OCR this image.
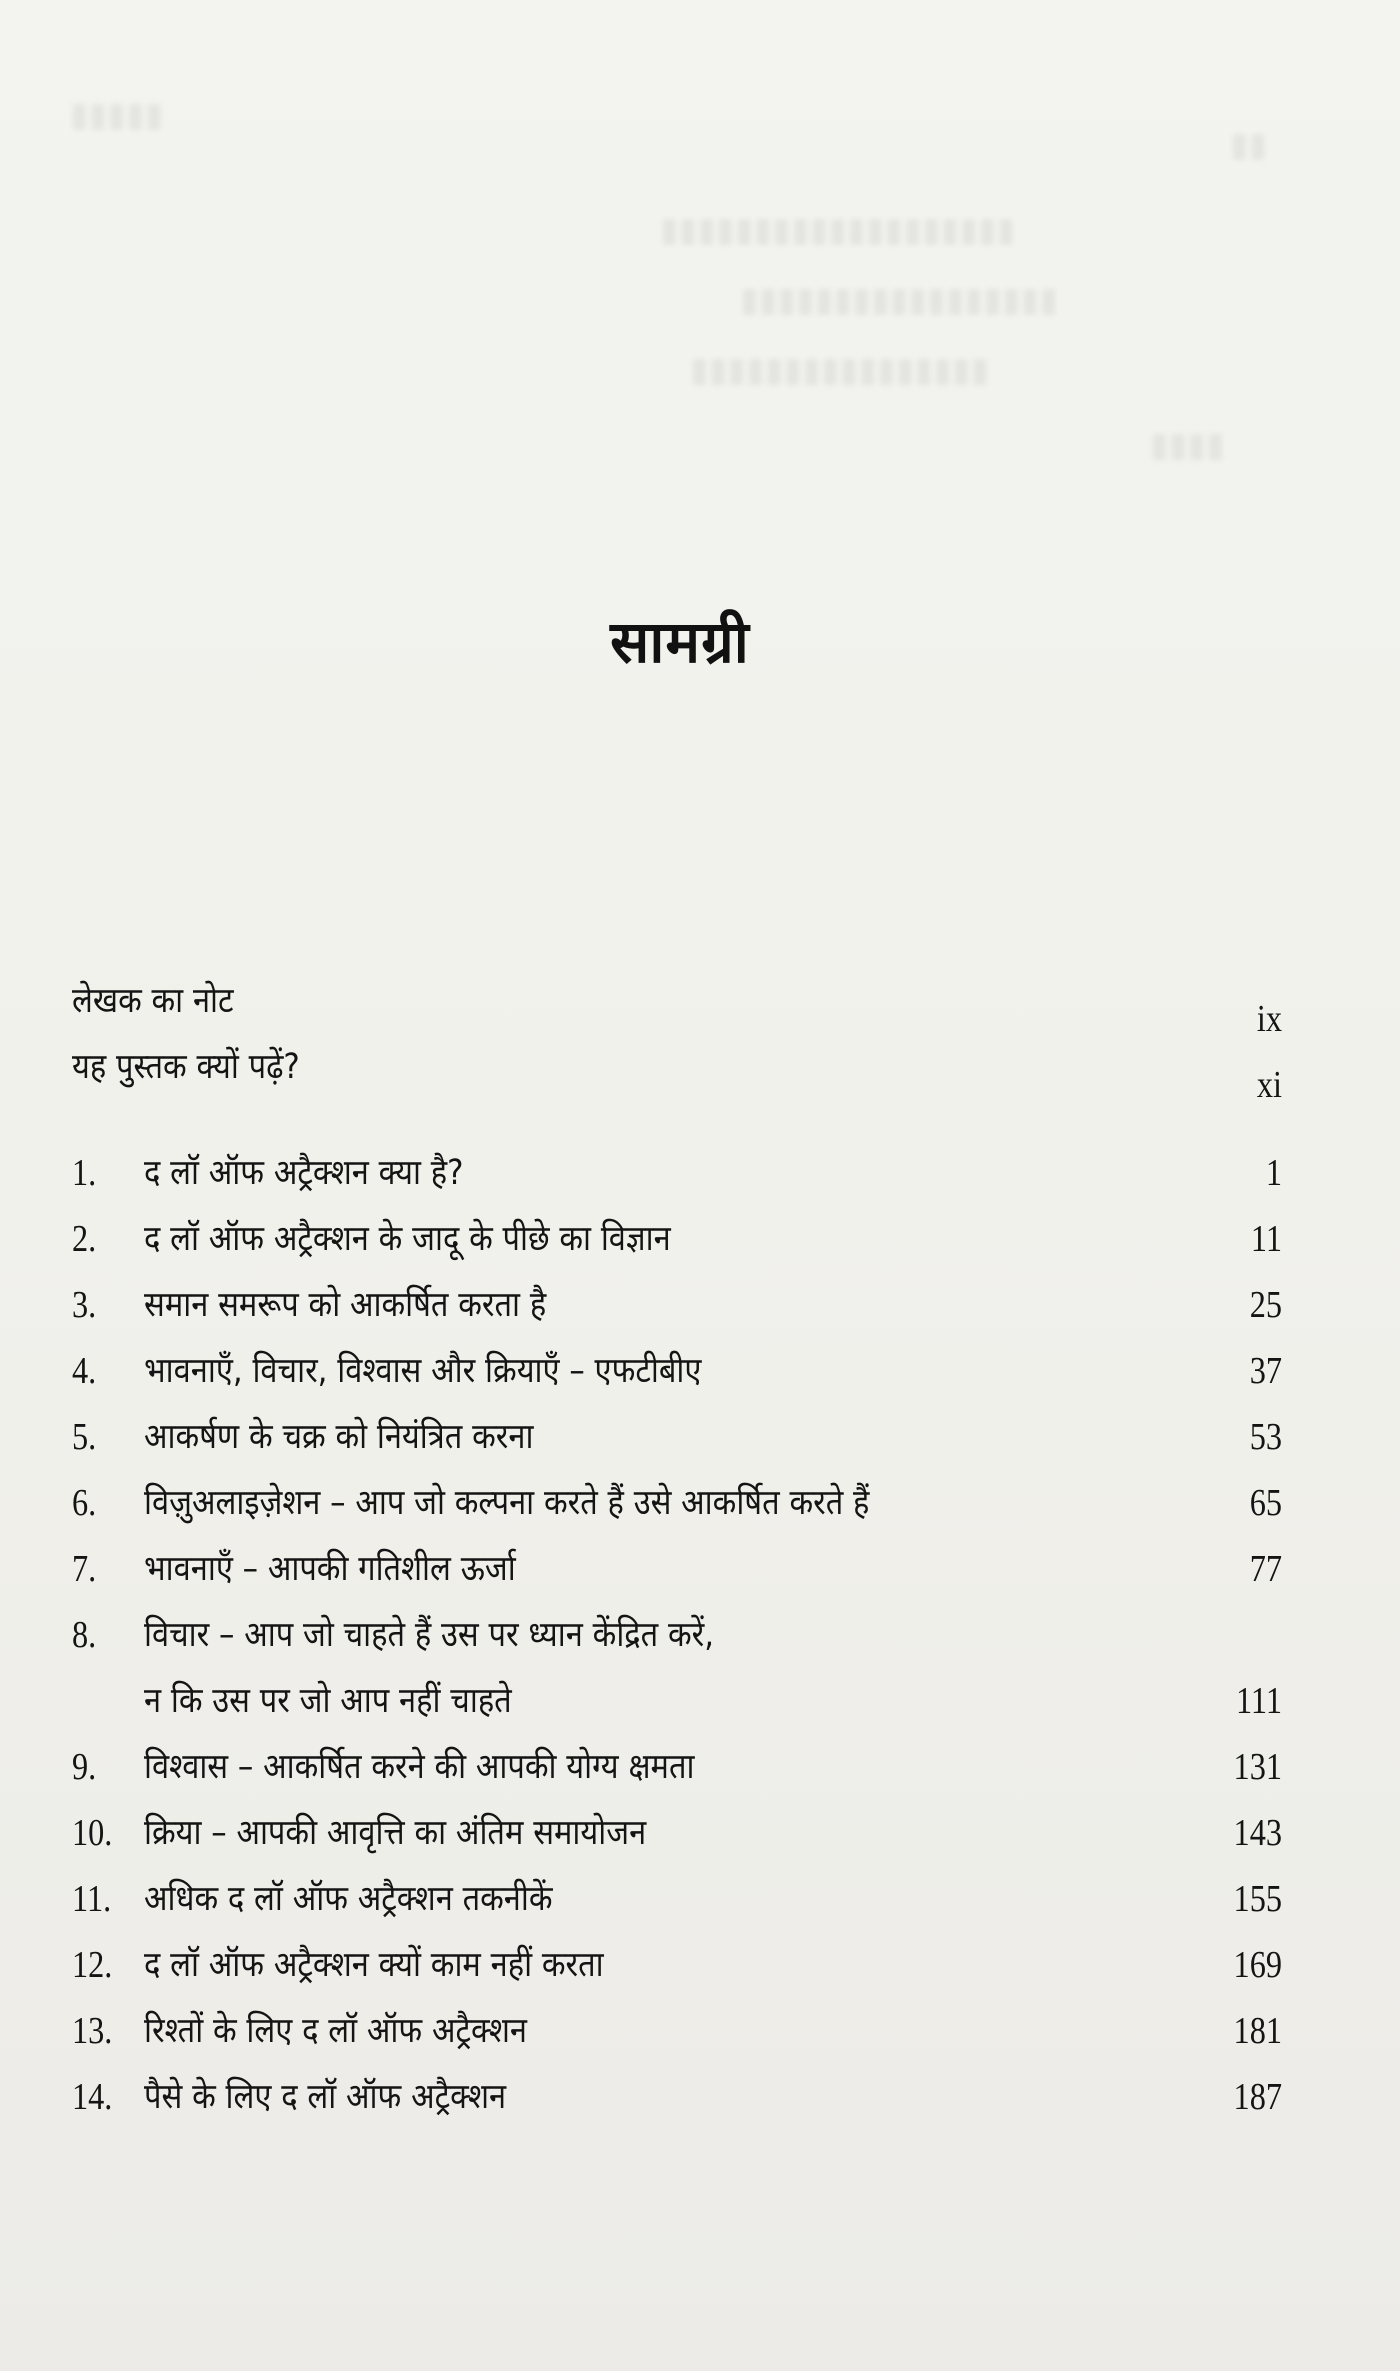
▮▮▮▮▮
▮▮
▮▮▮▮▮▮▮▮▮▮▮▮▮▮▮▮▮▮▮
▮▮▮▮▮▮▮▮▮▮▮▮▮▮▮▮▮
▮▮▮▮▮▮▮▮▮▮▮▮▮▮▮▮
▮▮▮▮
सामग्री
लेखक का नोट	ix
यह पुस्तक क्यों पढ़ें?	xi
1.	द लॉ ऑफ अट्रैक्शन क्या है?	1
2.	द लॉ ऑफ अट्रैक्शन के जादू के पीछे का विज्ञान	11
3.	समान समरूप को आकर्षित करता है	25
4.	भावनाएँ, विचार, विश्वास और क्रियाएँ – एफटीबीए	37
5.	आकर्षण के चक्र को नियंत्रित करना	53
6.	विज़ुअलाइज़ेशन – आप जो कल्पना करते हैं उसे आकर्षित करते हैं	65
7.	भावनाएँ – आपकी गतिशील ऊर्जा	77
8.	विचार – आप जो चाहते हैं उस पर ध्यान केंद्रित करें,
न कि उस पर जो आप नहीं चाहते	111
9.	विश्वास – आकर्षित करने की आपकी योग्य क्षमता	131
10. क्रिया – आपकी आवृत्ति का अंतिम समायोजन	143
11. अधिक द लॉ ऑफ अट्रैक्शन तकनीकें	155
12. द लॉ ऑफ अट्रैक्शन क्यों काम नहीं करता	169
13. रिश्तों के लिए द लॉ ऑफ अट्रैक्शन	181
14. पैसे के लिए द लॉ ऑफ अट्रैक्शन	187
